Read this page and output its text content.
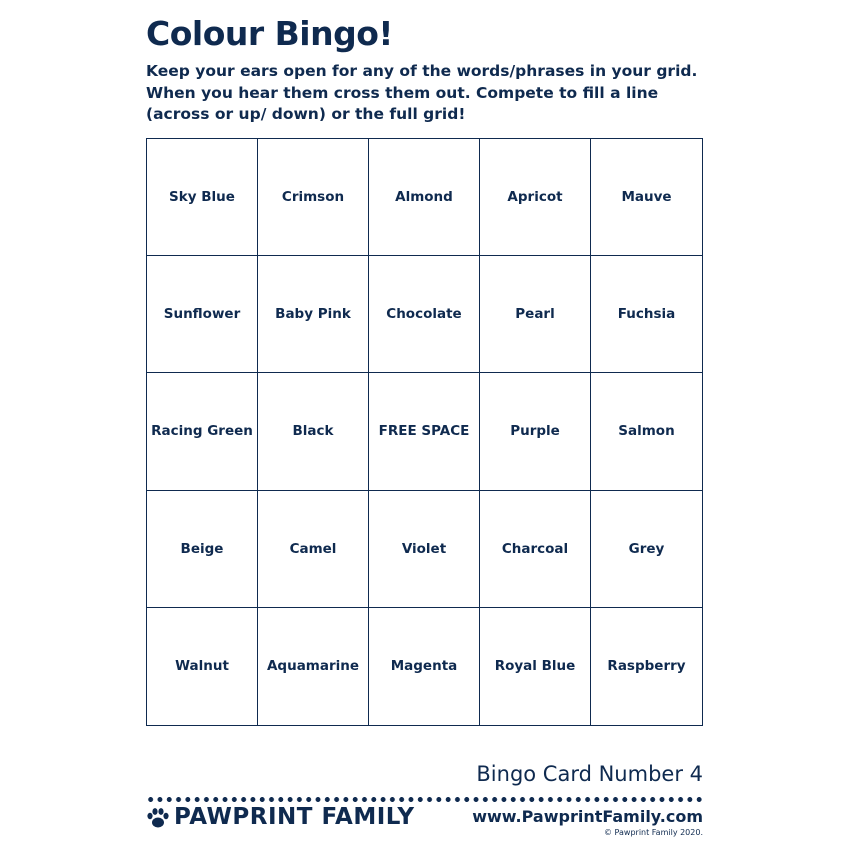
Colour Bingo!

Keep your ears open for any of the words/phrases in your grid. When you hear them cross them out. Compete to fill a line (across or up/ down) or the full grid!

Sky Blue	Crimson	Almond	Apricot	Mauve
Sunflower	Baby Pink	Chocolate	Pearl	Fuchsia
Racing Green	Black	FREE SPACE	Purple	Salmon
Beige	Camel	Violet	Charcoal	Grey
Walnut	Aquamarine	Magenta	Royal Blue	Raspberry
Bingo Card Number 4
PAWPRINT FAMILY	www.PawprintFamily.com
© Pawprint Family 2020.
